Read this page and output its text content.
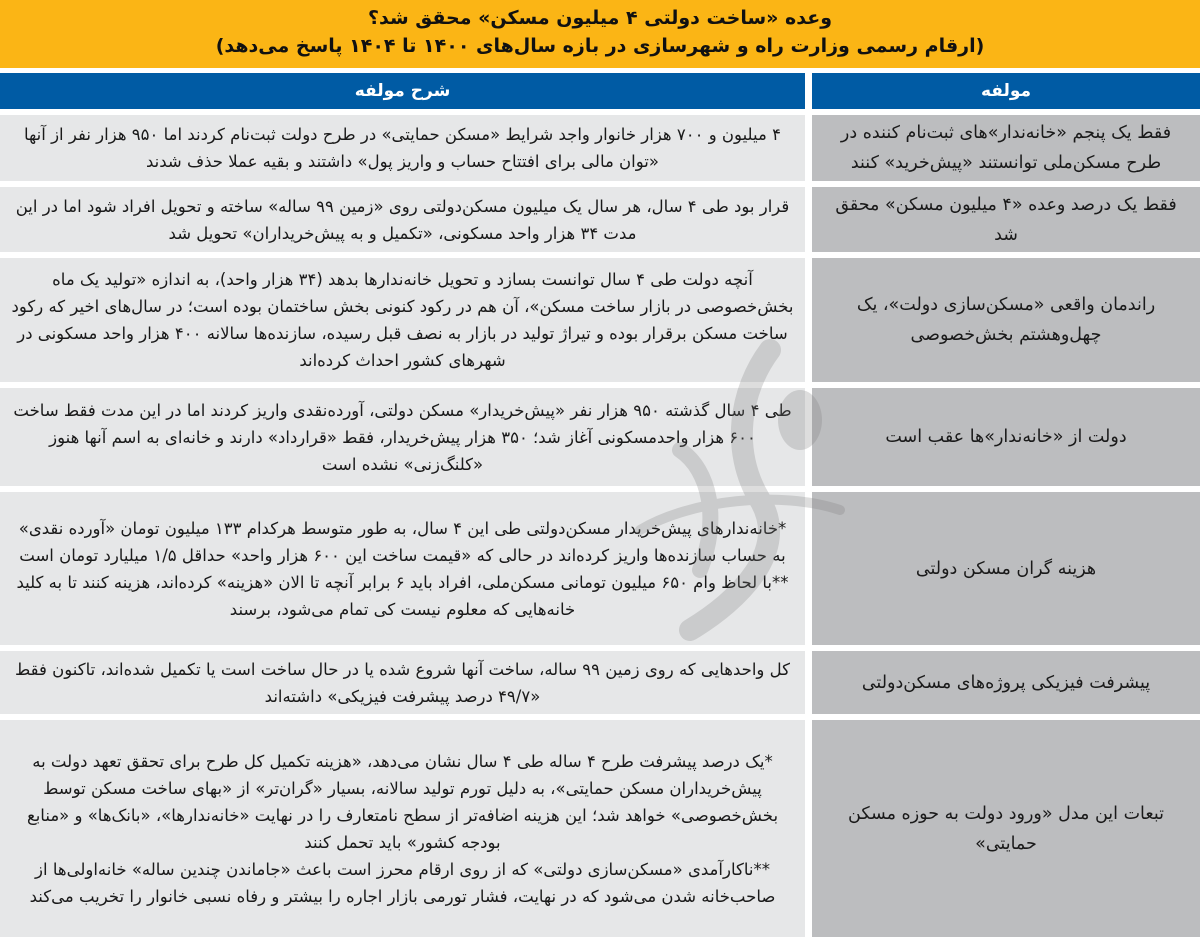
وعده «ساخت دولتی ۴ میلیون مسکن» محقق شد؟
(ارقام رسمی وزارت راه و شهرسازی در بازه سال‌های ۱۴۰۰ تا ۱۴۰۴ پاسخ می‌دهد)
شرح مولفه	مولفه
فقط یک پنجم «خانه‌ندار»های ثبت‌نام کننده در طرح مسکن‌ملی توانستند «پیش‌خرید» کنند
۴ میلیون و ۷۰۰ هزار خانوار واجد شرایط «مسکن حمایتی» در طرح دولت ثبت‌نام کردند اما ۹۵۰ هزار نفر از آنها «توان مالی برای افتتاح حساب و واریز پول» داشتند و بقیه عملا حذف شدند
فقط یک درصد وعده «۴ میلیون مسکن» محقق شد
قرار بود طی ۴ سال، هر سال یک میلیون مسکن‌دولتی روی «زمین ۹۹ ساله» ساخته و تحویل افراد شود اما در این مدت ۳۴ هزار واحد مسکونی، «تکمیل و به پیش‌خریداران» تحویل شد
راندمان واقعی «مسکن‌سازی دولت»، یک چهل‌وهشتم بخش‌خصوصی
آنچه دولت طی ۴ سال توانست بسازد و تحویل خانه‌ندارها بدهد (۳۴ هزار واحد)، به اندازه «تولید یک ماه بخش‌خصوصی در بازار ساخت مسکن»، آن هم در رکود کنونی بخش ساختمان بوده است؛ در سال‌های اخیر که رکود ساخت مسکن برقرار بوده و تیراژ تولید در بازار به نصف قبل رسیده، سازنده‌ها سالانه ۴۰۰ هزار واحد مسکونی در شهرهای کشور احداث کرده‌اند
دولت از «خانه‌ندار»ها عقب است
طی ۴ سال گذشته ۹۵۰ هزار نفر «پیش‌خریدار» مسکن دولتی، آورده‌نقدی واریز کردند اما در این مدت فقط ساخت ۶۰۰ هزار واحدمسکونی آغاز شد؛ ۳۵۰ هزار پیش‌خریدار، فقط «قرارداد» دارند و خانه‌ای به اسم آنها هنوز «کلنگ‌زنی» نشده است
هزینه گران مسکن دولتی
*خانه‌ندارهای پیش‌خریدار مسکن‌دولتی طی این ۴ سال، به طور متوسط هرکدام ۱۳۳ میلیون تومان «آورده نقدی» به حساب سازنده‌ها واریز کرده‌اند در حالی که «قیمت ساخت این ۶۰۰ هزار واحد» حداقل ۱/۵ میلیارد تومان است
**با لحاظ وام ۶۵۰ میلیون تومانی مسکن‌ملی، افراد باید ۶ برابر آنچه تا الان «هزینه» کرده‌اند، هزینه کنند تا به کلید خانه‌هایی که معلوم نیست کی تمام می‌شود، برسند
پیشرفت فیزیکی پروژه‌های مسکن‌دولتی
کل واحدهایی که روی زمین ۹۹ ساله، ساخت آنها شروع شده یا در حال ساخت است یا تکمیل شده‌اند، تاکنون فقط «۴۹/۷ درصد پیشرفت فیزیکی» داشته‌اند
تبعات این مدل «ورود دولت به حوزه مسکن حمایتی»
*یک درصد پیشرفت طرح ۴ ساله طی ۴ سال نشان می‌دهد، «هزینه تکمیل کل طرح برای تحقق تعهد دولت به پیش‌خریداران مسکن حمایتی»، به دلیل تورم تولید سالانه، بسیار «گران‌تر» از «بهای ساخت مسکن توسط بخش‌خصوصی» خواهد شد؛ این هزینه اضافه‌تر از سطح نامتعارف را در نهایت «خانه‌ندارها»، «بانک‌ها» و «منابع بودجه کشور» باید تحمل کنند
**ناکارآمدی «مسکن‌سازی دولتی» که از روی ارقام محرز است باعث «جاماندن چندین ساله» خانه‌اولی‌ها از صاحب‌خانه شدن می‌شود که در نهایت، فشار تورمی بازار اجاره را بیشتر و رفاه نسبی خانوار را تخریب می‌کند
